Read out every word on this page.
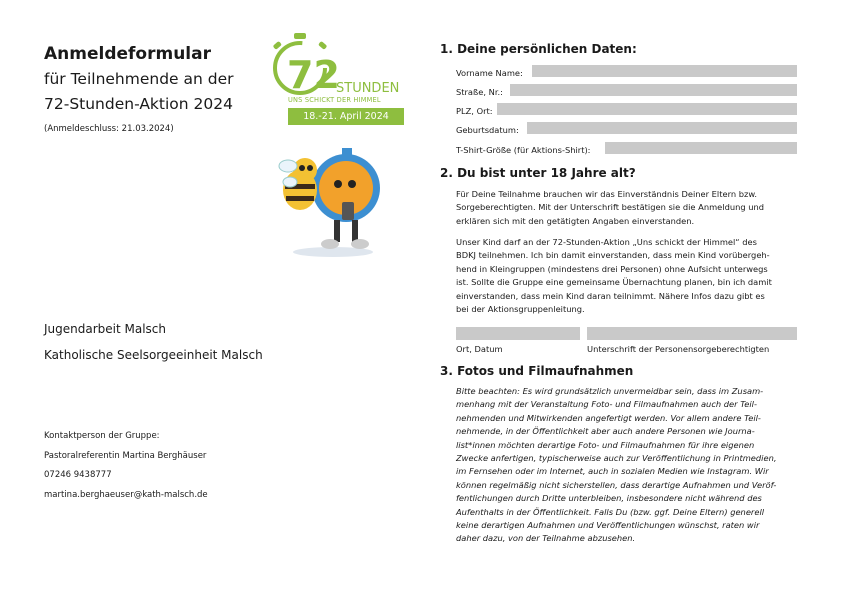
Anmeldeformular
für Teilnehmende an der
72-Stunden-Aktion 2024
(Anmeldeschluss: 21.03.2024)
72
STUNDEN
UNS SCHICKT DER HIMMEL
18.-21. April 2024
Jugendarbeit Malsch
Katholische Seelsorgeeinheit Malsch
Kontaktperson der Gruppe:
Pastoralreferentin Martina Berghäuser
07246 9438777
martina.berghaeuser@kath-malsch.de
1. Deine persönlichen Daten:
Vorname Name:
Straße, Nr.:
PLZ, Ort:
Geburtsdatum:
T-Shirt-Größe (für Aktions-Shirt):
2. Du bist unter 18 Jahre alt?

Für Deine Teilnahme brauchen wir das Einverständnis Deiner Eltern bzw.

Sorgeberechtigten. Mit der Unterschrift bestätigen sie die Anmeldung und

erklären sich mit den getätigten Angaben einverstanden.

Unser Kind darf an der 72-Stunden-Aktion „Uns schickt der Himmel“ des

BDKJ teilnehmen. Ich bin damit einverstanden, dass mein Kind vorübergeh-

hend in Kleingruppen (mindestens drei Personen) ohne Aufsicht unterwegs

ist. Sollte die Gruppe eine gemeinsame Übernachtung planen, bin ich damit

einverstanden, dass mein Kind daran teilnimmt. Nähere Infos dazu gibt es

bei der Aktionsgruppenleitung.

Ort, Datum	Unterschrift der Personensorgeberechtigten
3. Fotos und Filmaufnahmen

Bitte beachten: Es wird grundsätzlich unvermeidbar sein, dass im Zusam-

menhang mit der Veranstaltung Foto- und Filmaufnahmen auch der Teil-

nehmenden und Mitwirkenden angefertigt werden. Vor allem andere Teil-

nehmende, in der Öffentlichkeit aber auch andere Personen wie Journa-

list*innen möchten derartige Foto- und Filmaufnahmen für ihre eigenen

Zwecke anfertigen, typischerweise auch zur Veröffentlichung in Printmedien,

im Fernsehen oder im Internet, auch in sozialen Medien wie Instagram. Wir

können regelmäßig nicht sicherstellen, dass derartige Aufnahmen und Veröf-

fentlichungen durch Dritte unterbleiben, insbesondere nicht während des

Aufenthalts in der Öffentlichkeit. Falls Du (bzw. ggf. Deine Eltern) generell

keine derartigen Aufnahmen und Veröffentlichungen wünschst, raten wir

daher dazu, von der Teilnahme abzusehen.
